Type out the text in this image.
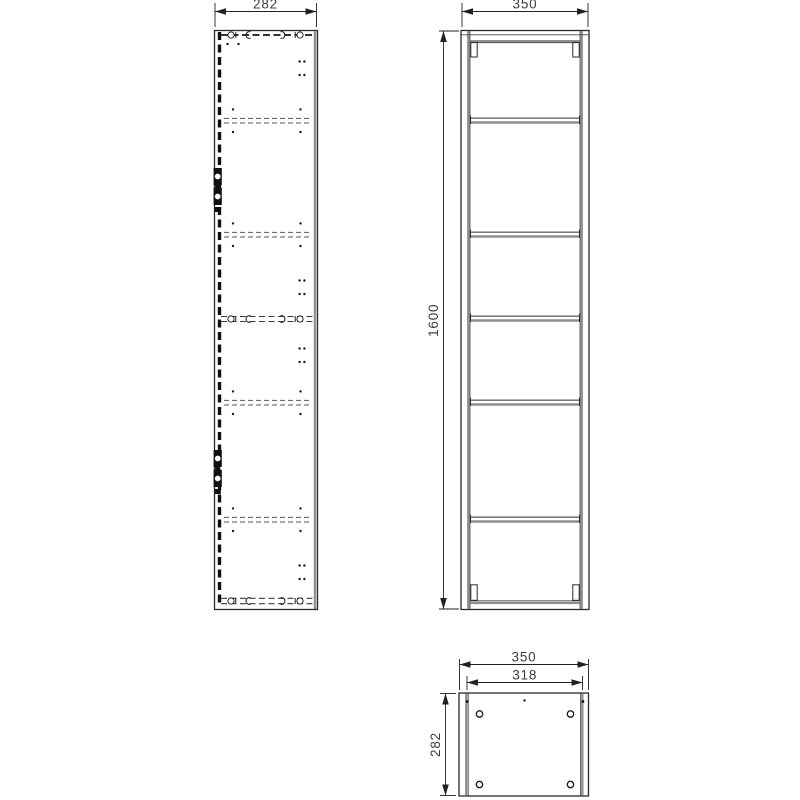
282	350
1600
350
318
282
